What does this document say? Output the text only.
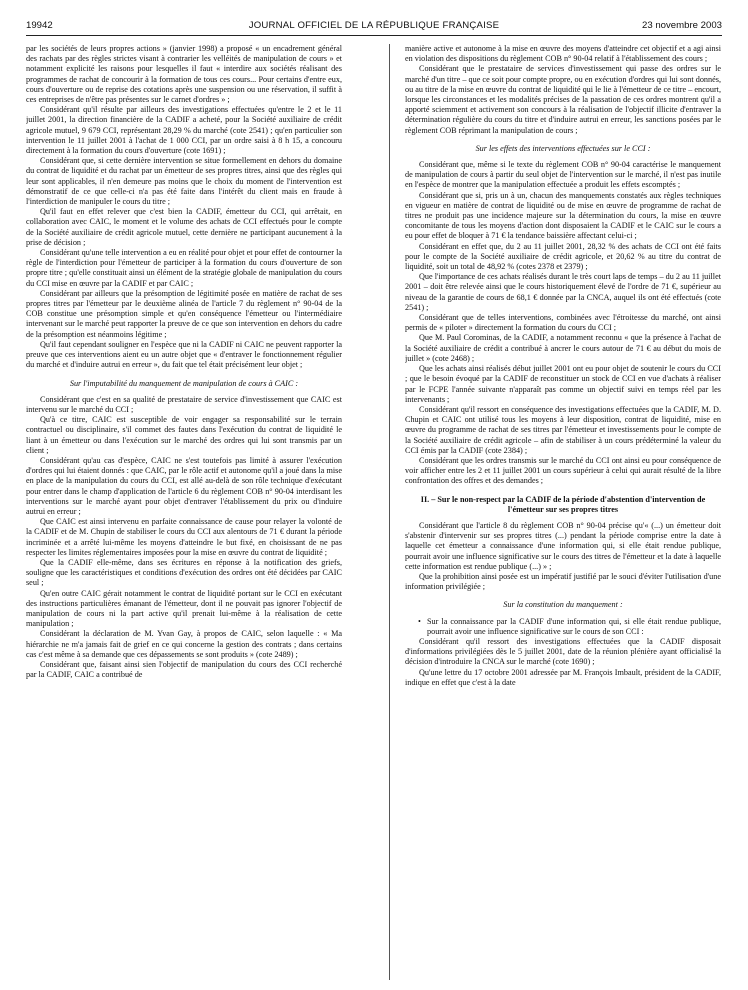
19942	JOURNAL OFFICIEL DE LA RÉPUBLIQUE FRANÇAISE	23 novembre 2003

par les sociétés de leurs propres actions » (janvier 1998) a proposé « un encadrement général des rachats par des règles strictes visant à contrarier les velléités de manipulation de cours » et notamment explicité les raisons pour lesquelles il faut « interdire aux sociétés réalisant des programmes de rachat de concourir à la formation de tous ces cours... Pour certains d'entre eux, cours d'ouverture ou de reprise des cotations après une suspension ou une réservation, il suffit à ces entreprises de n'être pas présentes sur le carnet d'ordres » ;

Considérant qu'il résulte par ailleurs des investigations effectuées qu'entre le 2 et le 11 juillet 2001, la direction financière de la CADIF a acheté, pour la Société auxiliaire de crédit agricole mutuel, 9 679 CCI, représentant 28,29 % du marché (cote 2541) ; qu'en particulier son intervention le 11 juillet 2001 à l'achat de 1 000 CCI, par un ordre saisi à 8 h 15, a concouru directement à la formation du cours d'ouverture (cote 1691) ;

Considérant que, si cette dernière intervention se situe formellement en dehors du domaine du contrat de liquidité et du rachat par un émetteur de ses propres titres, ainsi que des règles qui leur sont applicables, il n'en demeure pas moins que le choix du moment de l'intervention est démonstratif de ce que celle-ci n'a pas été faite dans l'intérêt du client mais en fraude à l'interdiction de manipuler le cours du titre ;

Qu'il faut en effet relever que c'est bien la CADIF, émetteur du CCI, qui arrêtait, en collaboration avec CAIC, le moment et le volume des achats de CCI effectués pour le compte de la Société auxiliaire de crédit agricole mutuel, cette dernière ne participant aucunement à la prise de décision ;

Considérant qu'une telle intervention a eu en réalité pour objet et pour effet de contourner la règle de l'interdiction pour l'émetteur de participer à la formation du cours d'ouverture de son propre titre ; qu'elle constituait ainsi un élément de la stratégie globale de manipulation du cours du CCI mise en œuvre par la CADIF et par CAIC ;

Considérant par ailleurs que la présomption de légitimité posée en matière de rachat de ses propres titres par l'émetteur par le deuxième alinéa de l'article 7 du règlement n° 90-04 de la COB constitue une présomption simple et qu'en conséquence l'émetteur ou l'intermédiaire intervenant sur le marché peut rapporter la preuve de ce que son intervention en dehors du cadre de la présomption est néanmoins légitime ;

Qu'il faut cependant souligner en l'espèce que ni la CADIF ni CAIC ne peuvent rapporter la preuve que ces interventions aient eu un autre objet que « d'entraver le fonctionnement régulier du marché et d'induire autrui en erreur », du fait que tel était précisément leur objet ;

Sur l'imputabilité du manquement de manipulation de cours à CAIC :

Considérant que c'est en sa qualité de prestataire de service d'investissement que CAIC est intervenu sur le marché du CCI ;

Qu'à ce titre, CAIC est susceptible de voir engager sa responsabilité sur le terrain contractuel ou disciplinaire, s'il commet des fautes dans l'exécution du contrat de liquidité le liant à un émetteur ou dans l'exécution sur le marché des ordres qui lui sont transmis par un client ;

Considérant qu'au cas d'espèce, CAIC ne s'est toutefois pas limité à assurer l'exécution d'ordres qui lui étaient donnés : que CAIC, par le rôle actif et autonome qu'il a joué dans la mise en place de la manipulation du cours du CCI, est allé au-delà de son rôle technique d'exécutant pour entrer dans le champ d'application de l'article 6 du règlement COB n° 90-04 interdisant les interventions sur le marché ayant pour objet d'entraver l'établissement du prix ou d'induire autrui en erreur ;

Que CAIC est ainsi intervenu en parfaite connaissance de cause pour relayer la volonté de la CADIF et de M. Chupin de stabiliser le cours du CCI aux alentours de 71 € durant la période incriminée et a arrêté lui-même les moyens d'atteindre le but fixé, en choisissant de ne pas respecter les limites réglementaires imposées pour la mise en œuvre du contrat de liquidité ;

Que la CADIF elle-même, dans ses écritures en réponse à la notification des griefs, souligne que les caractéristiques et conditions d'exécution des ordres ont été décidées par CAIC seul ;

Qu'en outre CAIC gérait notamment le contrat de liquidité portant sur le CCI en exécutant des instructions particulières émanant de l'émetteur, dont il ne pouvait pas ignorer l'objectif de manipulation de cours ni la part active qu'il prenait lui-même à la réalisation de cette manipulation ;

Considérant la déclaration de M. Yvan Gay, à propos de CAIC, selon laquelle : « Ma hiérarchie ne m'a jamais fait de grief en ce qui concerne la gestion des contrats ; dans certains cas c'est même à sa demande que ces dépassements se sont produits » (cote 2489) ;

Considérant que, faisant ainsi sien l'objectif de manipulation du cours des CCI recherché par la CADIF, CAIC a contribué de

manière active et autonome à la mise en œuvre des moyens d'atteindre cet objectif et a agi ainsi en violation des dispositions du règlement COB n° 90-04 relatif à l'établissement des cours ;

Considérant que le prestataire de services d'investissement qui passe des ordres sur le marché d'un titre – que ce soit pour compte propre, ou en exécution d'ordres qui lui sont donnés, ou au titre de la mise en œuvre du contrat de liquidité qui le lie à l'émetteur de ce titre – encourt, lorsque les circonstances et les modalités précises de la passation de ces ordres montrent qu'il a apporté sciemment et activement son concours à la réalisation de l'objectif illicite d'entraver la détermination régulière du cours du titre et d'induire autrui en erreur, les sanctions posées par le règlement COB réprimant la manipulation de cours ;

Sur les effets des interventions effectuées sur le CCI :

Considérant que, même si le texte du règlement COB n° 90-04 caractérise le manquement de manipulation de cours à partir du seul objet de l'intervention sur le marché, il n'est pas inutile en l'espèce de montrer que la manipulation effectuée a produit les effets escomptés ;

Considérant que si, pris un à un, chacun des manquements constatés aux règles techniques en vigueur en matière de contrat de liquidité ou de mise en œuvre de programme de rachat de titres ne produit pas une incidence majeure sur la détermination du cours, la mise en œuvre concomitante de tous les moyens d'action dont disposaient la CADIF et le CAIC sur le cours a eu pour effet de bloquer à 71 € la tendance baissière affectant celui-ci ;

Considérant en effet que, du 2 au 11 juillet 2001, 28,32 % des achats de CCI ont été faits pour le compte de la Société auxiliaire de crédit agricole, et 20,62 % au titre du contrat de liquidité, soit un total de 48,92 % (cotes 2378 et 2379) ;

Que l'importance de ces achats réalisés durant le très court laps de temps – du 2 au 11 juillet 2001 – doit être relevée ainsi que le cours historiquement élevé de l'ordre de 71 €, supérieur au niveau de la garantie de cours de 68,1 € donnée par la CNCA, auquel ils ont été effectués (cote 2541) ;

Considérant que de telles interventions, combinées avec l'étroitesse du marché, ont ainsi permis de « piloter » directement la formation du cours du CCI ;

Que M. Paul Corominas, de la CADIF, a notamment reconnu « que la présence à l'achat de la Société auxiliaire de crédit a contribué à ancrer le cours autour de 71 € au début du mois de juillet » (cote 2468) ;

Que les achats ainsi réalisés début juillet 2001 ont eu pour objet de soutenir le cours du CCI ; que le besoin évoqué par la CADIF de reconstituer un stock de CCI en vue d'achats à réaliser par le FCPE l'année suivante n'apparaît pas comme un objectif suivi en temps réel par les intervenants ;

Considérant qu'il ressort en conséquence des investigations effectuées que la CADIF, M. D. Chupin et CAIC ont utilisé tous les moyens à leur disposition, contrat de liquidité, mise en œuvre du programme de rachat de ses titres par l'émetteur et investissements pour le compte de la Société auxiliaire de crédit agricole – afin de stabiliser à un cours prédéterminé la valeur du CCI émis par la CADIF (cote 2384) ;

Considérant que les ordres transmis sur le marché du CCI ont ainsi eu pour conséquence de voir afficher entre les 2 et 11 juillet 2001 un cours supérieur à celui qui aurait résulté de la libre confrontation des offres et des demandes ;

II. – Sur le non-respect par la CADIF de la période d'abstention d'intervention de l'émetteur sur ses propres titres

Considérant que l'article 8 du règlement COB n° 90-04 précise qu'« (...) un émetteur doit s'abstenir d'intervenir sur ses propres titres (...) pendant la période comprise entre la date à laquelle cet émetteur a connaissance d'une information qui, si elle était rendue publique, pourrait avoir une influence significative sur le cours des titres de l'émetteur et la date à laquelle cette information est rendue publique (...) » ;

Que la prohibition ainsi posée est un impératif justifié par le souci d'éviter l'utilisation d'une information privilégiée ;

Sur la constitution du manquement :

• Sur la connaissance par la CADIF d'une information qui, si elle était rendue publique, pourrait avoir une influence significative sur le cours de son CCI :

Considérant qu'il ressort des investigations effectuées que la CADIF disposait d'informations privilégiées dès le 5 juillet 2001, date de la réunion plénière ayant officialisé la décision d'introduire la CNCA sur le marché (cote 1690) ;

Qu'une lettre du 17 octobre 2001 adressée par M. François Imbault, président de la CADIF, indique en effet que c'est à la date
